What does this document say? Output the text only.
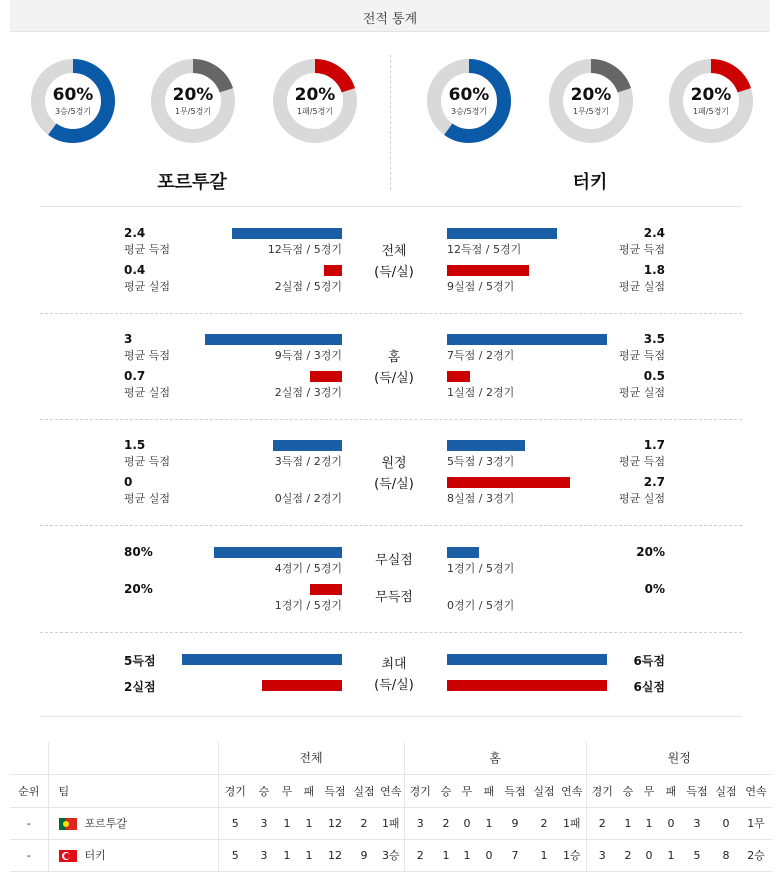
전적 통계
60%
3승/5경기
20%
1무/5경기
20%
1패/5경기
60%
3승/5경기
20%
1무/5경기
20%
1패/5경기
포르투갈	터키
2.4
평균 득점	12득점 / 5경기
0.4
평균 실점	2실점 / 5경기
2.4
평균 득점
12득점 / 5경기
1.8
평균 실점
9실점 / 5경기
전체
(득/실)
3
평균 득점	9득점 / 3경기
0.7
평균 실점	2실점 / 3경기
3.5
평균 득점
7득점 / 2경기
0.5
평균 실점
1실점 / 2경기
홈
(득/실)
1.5
평균 득점	3득점 / 2경기
0
평균 실점	0실점 / 2경기
1.7
평균 득점
5득점 / 3경기
2.7
평균 실점
8실점 / 3경기
원정
(득/실)
80%
4경기 / 5경기
20%
1경기 / 5경기
20%
1경기 / 5경기
0%
0경기 / 5경기
무실점
무득점
5득점	6득점
2실점	6실점
최대
(득/실)
		전체							홈							원정						
순위	팀	경기	승	무	패	득점	실점	연속	경기	승	무	패	득점	실점	연속	경기	승	무	패	득점	실점	연속
-	포르투갈	5	3	1	1	12	2	1패	3	2	0	1	9	2	1패	2	1	1	0	3	0	1무
-	터키	5	3	1	1	12	9	3승	2	1	1	0	7	1	1승	3	2	0	1	5	8	2승
